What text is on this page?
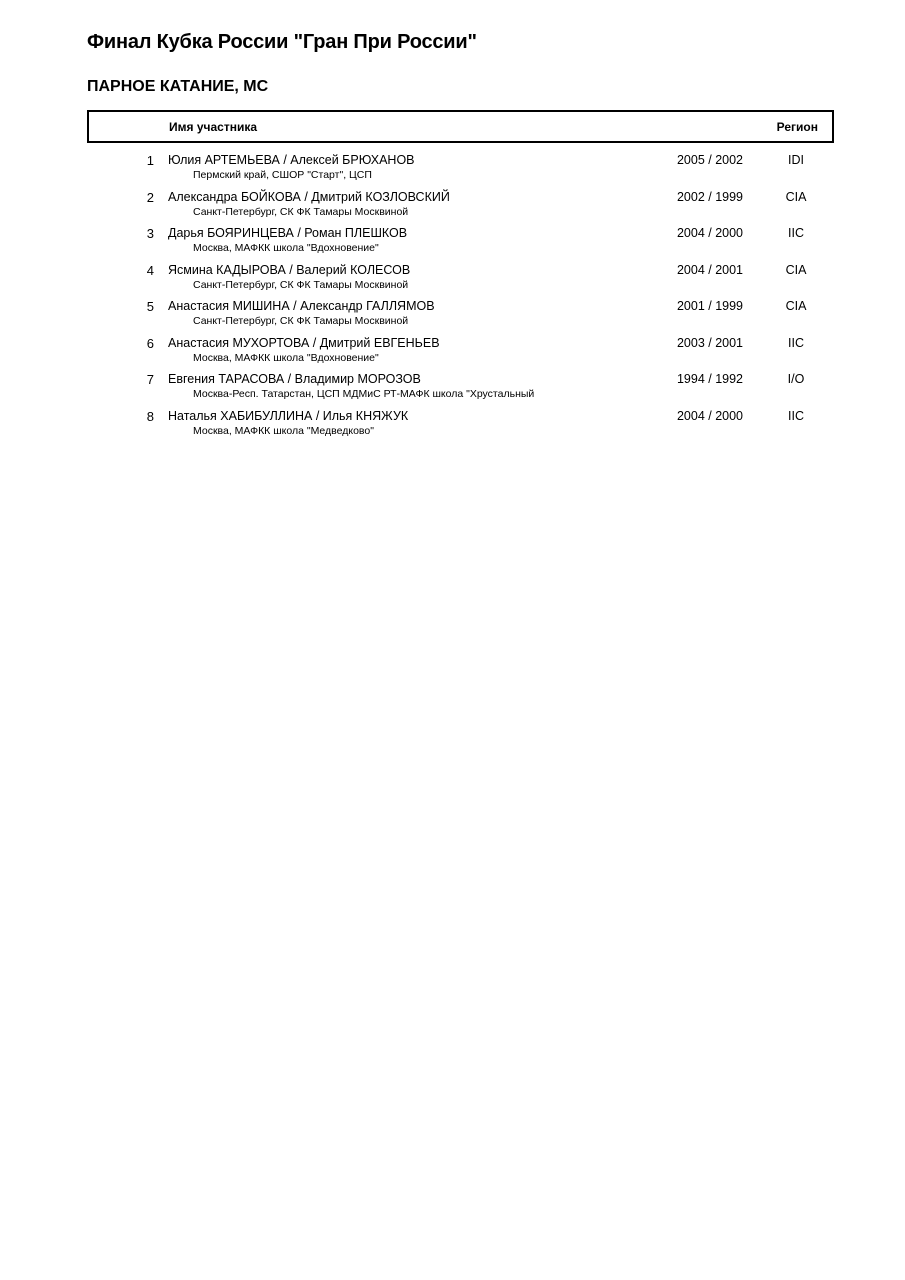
Финал Кубка России "Гран При России"
ПАРНОЕ КАТАНИЕ, МС
Имя участника	Регион
1 Юлия АРТЕМЬЕВА / Алексей БРЮХАНОВ
Пермский край, СШОР "Старт", ЦСП
2005 / 2002	IDI
2 Александра БОЙКОВА / Дмитрий КОЗЛОВСКИЙ
Санкт-Петербург, СК ФК Тамары Москвиной
2002 / 1999	CIA
3 Дарья БОЯРИНЦЕВА / Роман ПЛЕШКОВ
Москва, МАФКК школа "Вдохновение"
2004 / 2000	IIC
4 Ясмина КАДЫРОВА / Валерий КОЛЕСОВ
Санкт-Петербург, СК ФК Тамары Москвиной
2004 / 2001	CIA
5 Анастасия МИШИНА / Александр ГАЛЛЯМОВ
Санкт-Петербург, СК ФК Тамары Москвиной
2001 / 1999	CIA
6 Анастасия МУХОРТОВА / Дмитрий ЕВГЕНЬЕВ
Москва, МАФКК школа "Вдохновение"
2003 / 2001	IIC
7 Евгения ТАРАСОВА / Владимир МОРОЗОВ
Москва-Респ. Татарстан, ЦСП МДМиС РТ-МАФК школа "Хрустальный
1994 / 1992	I/O
8 Наталья ХАБИБУЛЛИНА / Илья КНЯЖУК
Москва, МАФКК школа "Медведково"
2004 / 2000	IIC
